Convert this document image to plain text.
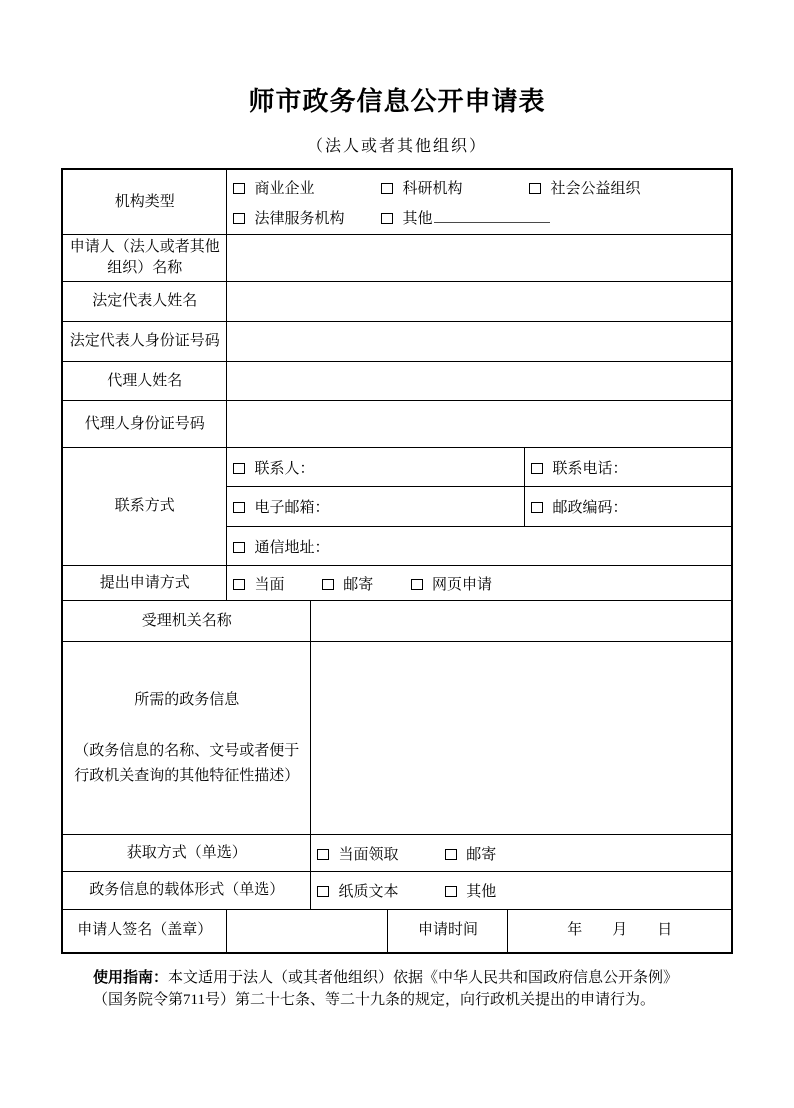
师市政务信息公开申请表
（法人或者其他组织）
机构类型	商业企业 科研机构 社会公益组织
法律服务机构 其他				

申请人（法人或者其他组织）名称					
法定代表人姓名					
法定代表人身份证号码					
代理人姓名					
代理人身份证号码					
联系方式	联系人：				联系电话：
	电子邮箱：				邮政编码：
	通信地址：				
提出申请方式	当面 邮寄 网页申请				
受理机关名称					

所需的政务信息
（政务信息的名称、文号或者便于行政机关查询的其他特征性描述）					

获取方式（单选）		当面领取 邮寄			
政务信息的载体形式（单选）		纸质文本 其他			
申请人签名（盖章）			申请时间	年　　月　　日	
使用指南：本文适用于法人（或其者他组织）依据《中华人民共和国政府信息公开条例》
（国务院令第711号）第二十七条、等二十九条的规定，向行政机关提出的申请行为。
